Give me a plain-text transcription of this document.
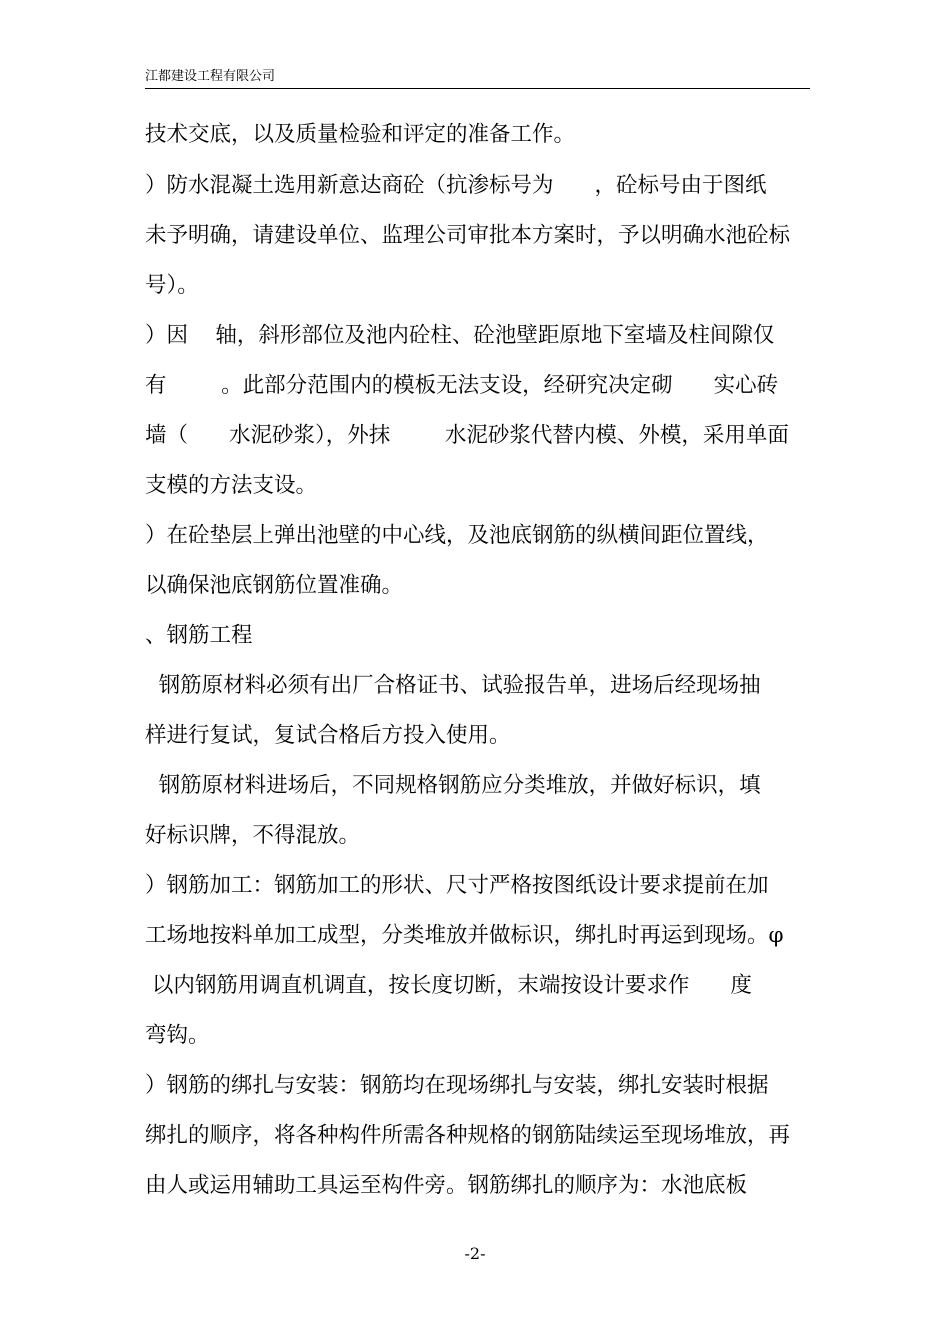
江都建设工程有限公司
技术交底，以及质量检验和评定的准备工作。
）防水混凝土选用新意达商砼（抗渗标号为      ，砼标号由于图纸
未予明确，请建设单位、监理公司审批本方案时，予以明确水池砼标
号）。
）因    轴，斜形部位及池内砼柱、砼池壁距原地下室墙及柱间隙仅
有        。此部分范围内的模板无法支设，经研究决定砌      实心砖
墙（      水泥砂浆），外抹        水泥砂浆代替内模、外模，采用单面
支模的方法支设。
）在砼垫层上弹出池壁的中心线，及池底钢筋的纵横间距位置线，
以确保池底钢筋位置准确。
、钢筋工程
钢筋原材料必须有出厂合格证书、试验报告单，进场后经现场抽
样进行复试，复试合格后方投入使用。
钢筋原材料进场后，不同规格钢筋应分类堆放，并做好标识，填
好标识牌，不得混放。
）钢筋加工：钢筋加工的形状、尺寸严格按图纸设计要求提前在加
工场地按料单加工成型，分类堆放并做标识，绑扎时再运到现场。φ
以内钢筋用调直机调直，按长度切断，末端按设计要求作      度
弯钩。
）钢筋的绑扎与安装：钢筋均在现场绑扎与安装，绑扎安装时根据
绑扎的顺序，将各种构件所需各种规格的钢筋陆续运至现场堆放，再
由人或运用辅助工具运至构件旁。钢筋绑扎的顺序为：水池底板
-2-
